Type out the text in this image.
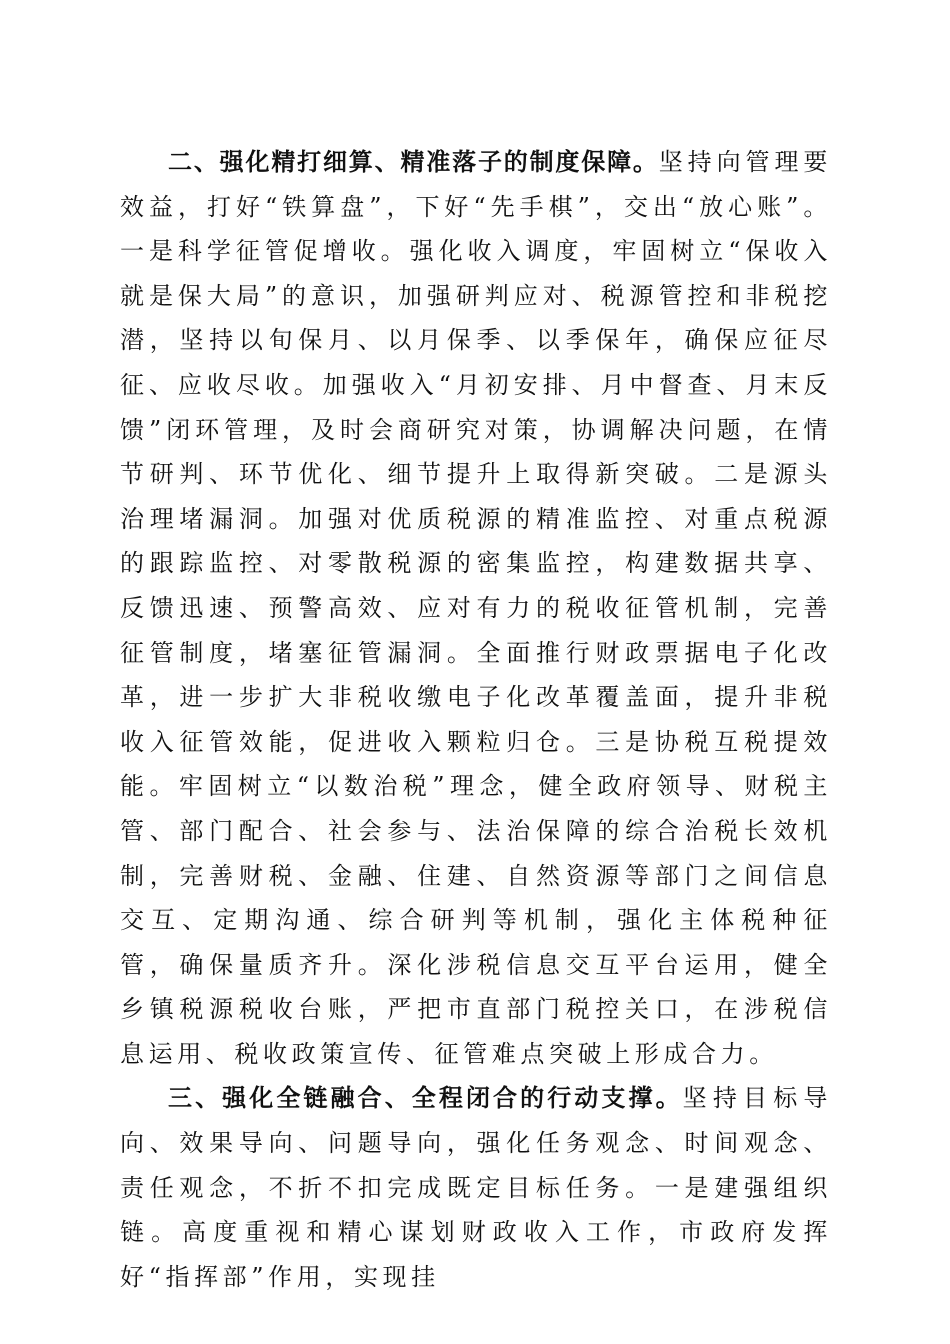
二、强化精打细算、精准落子的制度保障。坚持向管理要效益，打好“铁算盘”，下好“先手棋”，交出“放心账”。一是科学征管促增收。强化收入调度，牢固树立“保收入就是保大局”的意识，加强研判应对、税源管控和非税挖潜，坚持以旬保月、以月保季、以季保年，确保应征尽征、应收尽收。加强收入“月初安排、月中督查、月末反馈”闭环管理，及时会商研究对策，协调解决问题，在情节研判、环节优化、细节提升上取得新突破。二是源头治理堵漏洞。加强对优质税源的精准监控、对重点税源的跟踪监控、对零散税源的密集监控，构建数据共享、反馈迅速、预警高效、应对有力的税收征管机制，完善征管制度，堵塞征管漏洞。全面推行财政票据电子化改革，进一步扩大非税收缴电子化改革覆盖面，提升非税收入征管效能，促进收入颗粒归仓。三是协税互税提效能。牢固树立“以数治税”理念，健全政府领导、财税主管、部门配合、社会参与、法治保障的综合治税长效机制，完善财税、金融、住建、自然资源等部门之间信息交互、定期沟通、综合研判等机制，强化主体税种征管，确保量质齐升。深化涉税信息交互平台运用，健全乡镇税源税收台账，严把市直部门税控关口，在涉税信息运用、税收政策宣传、征管难点突破上形成合力。

三、强化全链融合、全程闭合的行动支撑。坚持目标导向、效果导向、问题导向，强化任务观念、时间观念、责任观念，不折不扣完成既定目标任务。一是建强组织链。高度重视和精心谋划财政收入工作，市政府发挥好“指挥部”作用，实现挂
